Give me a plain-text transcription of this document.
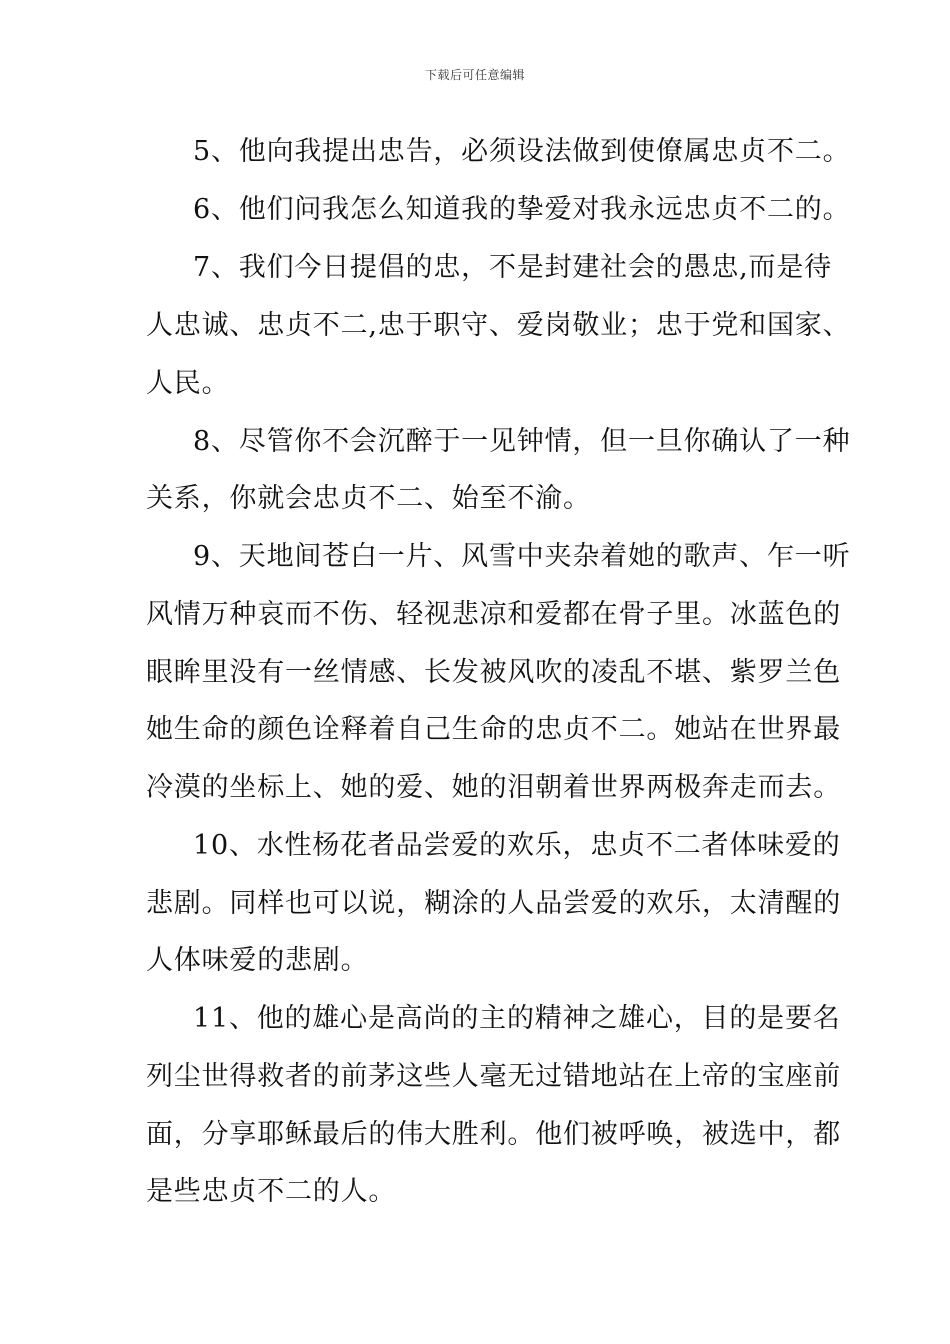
下载后可任意编辑
5、他向我提出忠告，必须设法做到使僚属忠贞不二。
6、他们问我怎么知道我的挚爱对我永远忠贞不二的。
7、我们今日提倡的忠，不是封建社会的愚忠,而是待
人忠诚、忠贞不二,忠于职守、爱岗敬业；忠于党和国家、
人民。
8、尽管你不会沉醉于一见钟情，但一旦你确认了一种
关系，你就会忠贞不二、始至不渝。
9、天地间苍白一片、风雪中夹杂着她的歌声、乍一听
风情万种哀而不伤、轻视悲凉和爱都在骨子里。冰蓝色的
眼眸里没有一丝情感、长发被风吹的凌乱不堪、紫罗兰色
她生命的颜色诠释着自己生命的忠贞不二。她站在世界最
冷漠的坐标上、她的爱、她的泪朝着世界两极奔走而去。
10、水性杨花者品尝爱的欢乐，忠贞不二者体味爱的
悲剧。同样也可以说，糊涂的人品尝爱的欢乐，太清醒的
人体味爱的悲剧。
11、他的雄心是高尚的主的精神之雄心，目的是要名
列尘世得救者的前茅这些人毫无过错地站在上帝的宝座前
面，分享耶稣最后的伟大胜利。他们被呼唤，被选中，都
是些忠贞不二的人。
